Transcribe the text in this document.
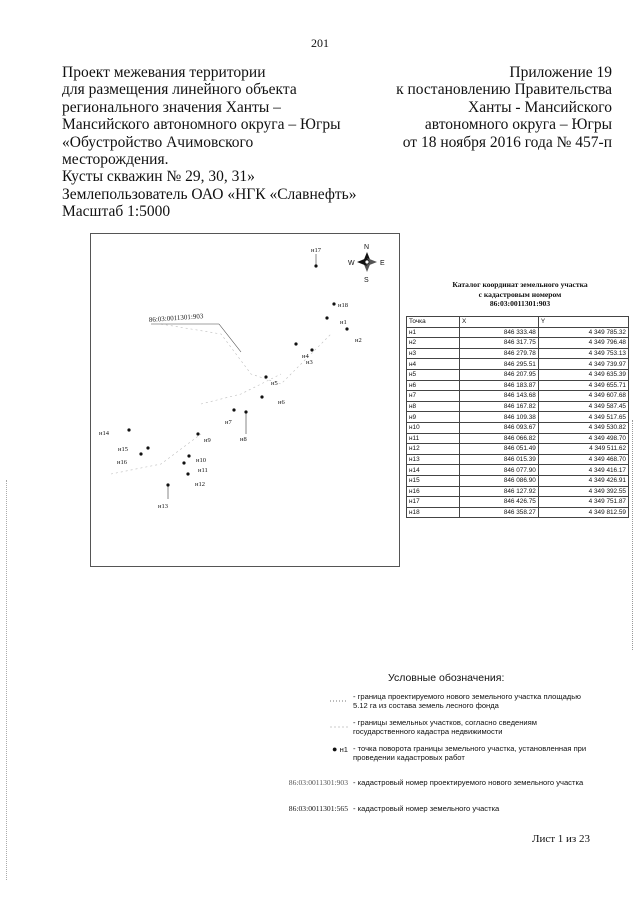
201
Проект межевания территории
для размещения линейного объекта
регионального значения Ханты –
Мансийского автономного округа – Югры
«Обустройство Ачимовского месторождения.
Кусты скважин № 29, 30, 31»
Землепользователь ОАО «НГК «Славнефть»
Масштаб 1:5000
Приложение 19
к постановлению Правительства
Ханты - Мансийского
автономного округа – Югры
от 18 ноября 2016 года № 457-п
86:03:0011301:903
N
S
W	E
н17
н18
н1
н2
н3
н4
н5
н6
н7
н8
н9
н10
н11
н12
н13
н14
н15
н16
Каталог координат земельного участка
с кадастровым номером
86:03:0011301:903
Точка	X	Y
н1	846 333.48	4 349 785.32
н2	846 317.75	4 349 796.48
н3	846 279.78	4 349 753.13
н4	846 295.51	4 349 739.97
н5	846 207.95	4 349 635.39
н6	846 183.87	4 349 655.71
н7	846 143.68	4 349 607.68
н8	846 167.82	4 349 587.45
н9	846 109.38	4 349 517.65
н10	846 093.67	4 349 530.82
н11	846 066.82	4 349 498.70
н12	846 051.49	4 349 511.62
н13	846 015.39	4 349 468.70
н14	846 077.90	4 349 416.17
н15	846 086.90	4 349 426.91
н16	846 127.92	4 349 392.55
н17	846 426.75	4 349 751.87
н18	846 358.27	4 349 812.59
Условные обозначения:
- граница проектируемого нового земельного участка площадью 5.12 га из состава земель лесного фонда
- границы земельных участков, согласно сведениям государственного кадастра недвижимости
● н1 - точка поворота границы земельного участка, установленная при проведении кадастровых работ
86:03:0011301:903 - кадастровый номер проектируемого нового земельного участка
86:03:0011301:565 - кадастровый номер земельного участка
Лист 1 из 23
